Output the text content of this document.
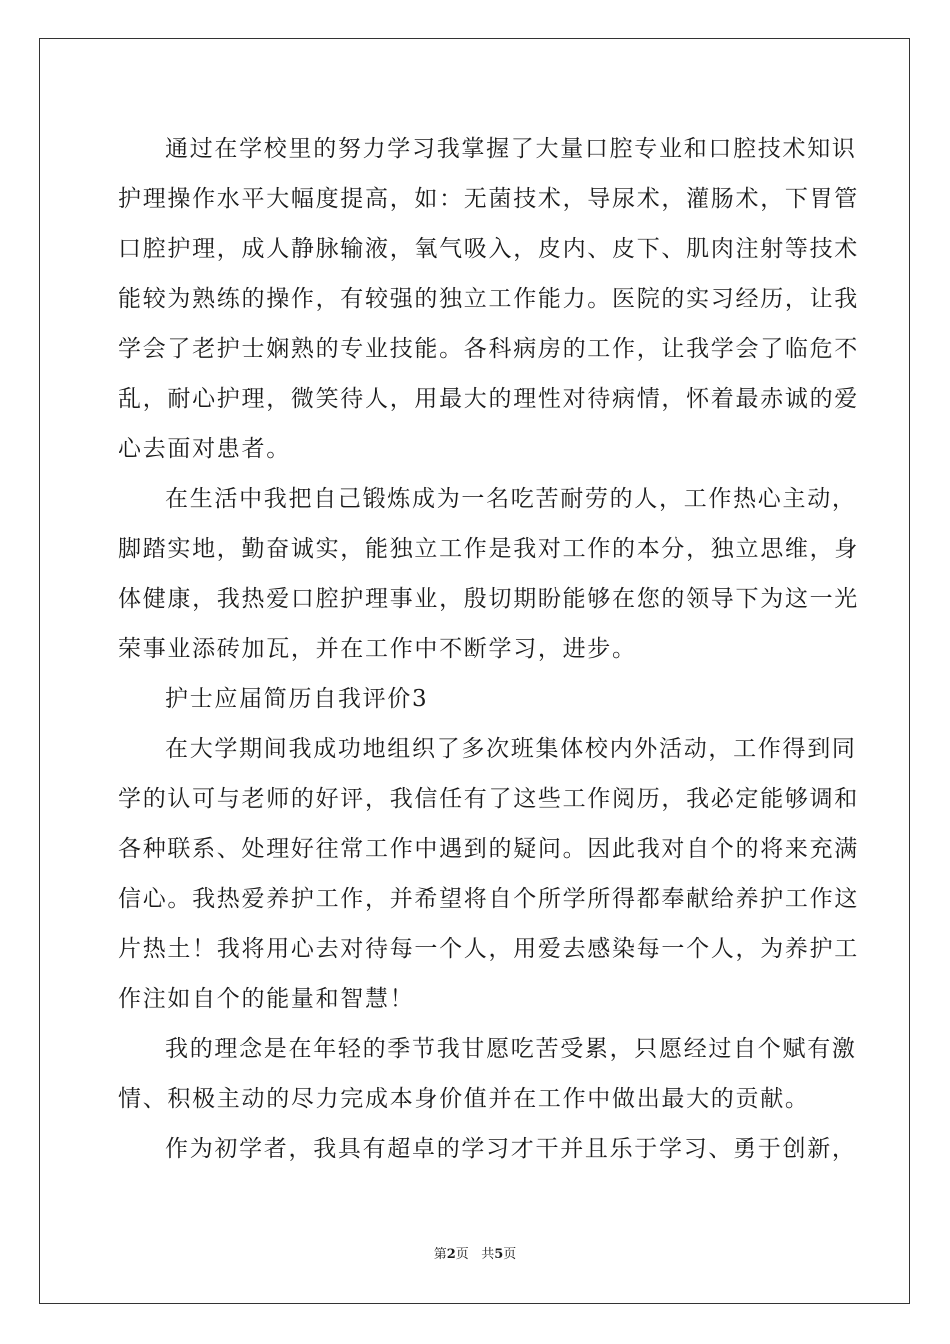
通过在学校里的努力学习我掌握了大量口腔专业和口腔技术知识
护理操作水平大幅度提高，如：无菌技术，导尿术，灌肠术，下胃管
口腔护理，成人静脉输液，氧气吸入，皮内、皮下、肌肉注射等技术
能较为熟练的操作，有较强的独立工作能力。医院的实习经历，让我
学会了老护士娴熟的专业技能。各科病房的工作，让我学会了临危不
乱，耐心护理，微笑待人，用最大的理性对待病情，怀着最赤诚的爱
心去面对患者。
在生活中我把自己锻炼成为一名吃苦耐劳的人，工作热心主动，
脚踏实地，勤奋诚实，能独立工作是我对工作的本分，独立思维，身
体健康，我热爱口腔护理事业，殷切期盼能够在您的领导下为这一光
荣事业添砖加瓦，并在工作中不断学习，进步。
护士应届简历自我评价3
在大学期间我成功地组织了多次班集体校内外活动，工作得到同
学的认可与老师的好评，我信任有了这些工作阅历，我必定能够调和
各种联系、处理好往常工作中遇到的疑问。因此我对自个的将来充满
信心。我热爱养护工作，并希望将自个所学所得都奉献给养护工作这
片热土！我将用心去对待每一个人，用爱去感染每一个人，为养护工
作注如自个的能量和智慧！
我的理念是在年轻的季节我甘愿吃苦受累，只愿经过自个赋有激
情、积极主动的尽力完成本身价值并在工作中做出最大的贡献。
作为初学者，我具有超卓的学习才干并且乐于学习、勇于创新，
第2页 共5页
